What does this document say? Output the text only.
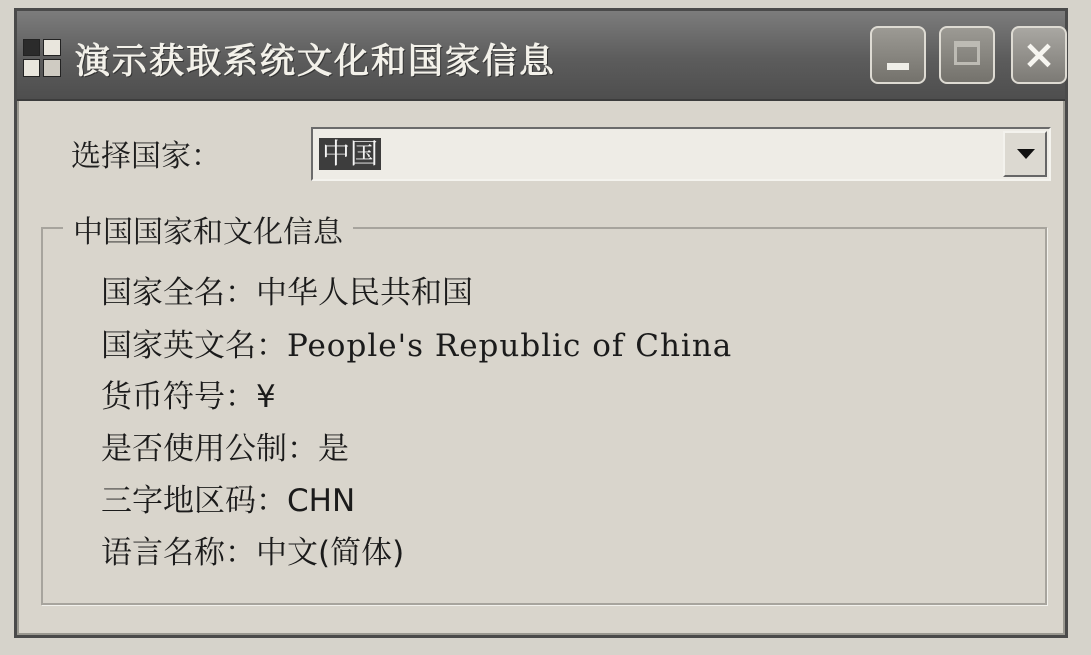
演示获取系统文化和国家信息	×
选择国家：	中国
中国国家和文化信息
国家全名：中华人民共和国
国家英文名：People's Republic of China
货币符号：¥
是否使用公制：是
三字地区码：CHN
语言名称：中文(简体)
